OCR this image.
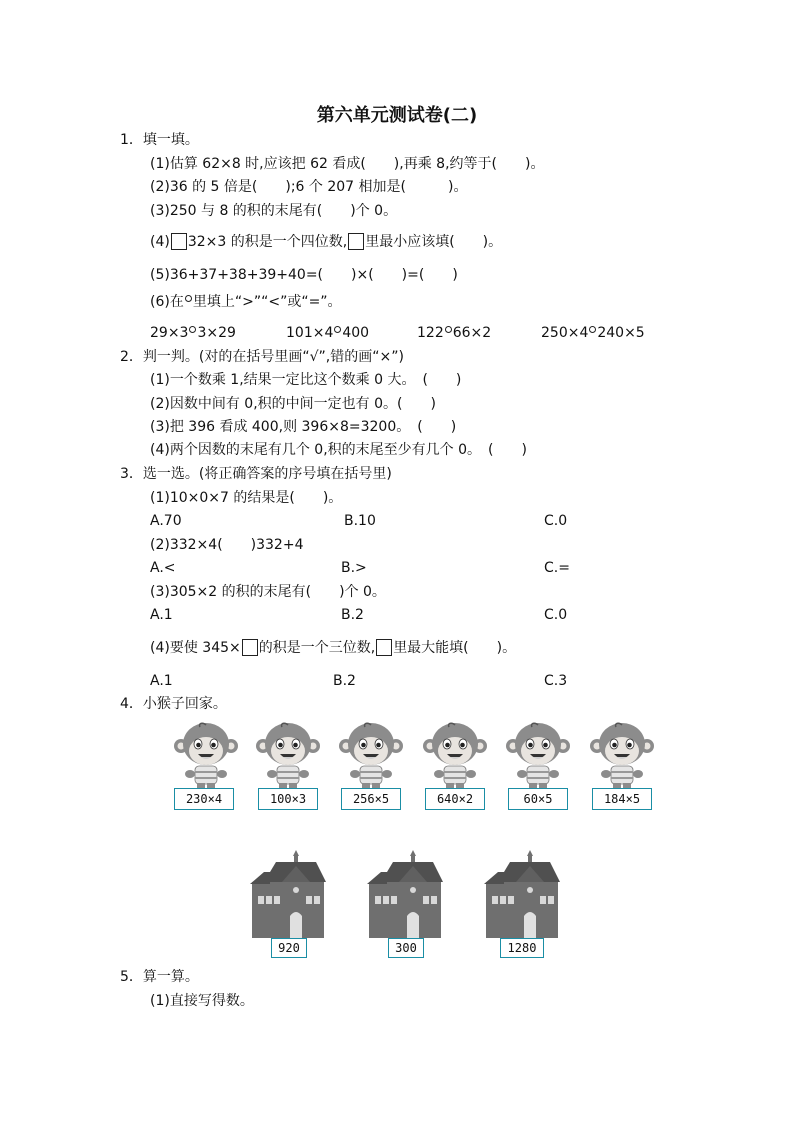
第六单元测试卷(二)
1．填一填。
(1)估算 62×8 时,应该把 62 看成(　　),再乘 8,约等于(　　)。
(2)36 的 5 倍是(　　);6 个 207 相加是(　　　)。
(3)250 与 8 的积的末尾有(　　)个 0。
(4) 32×3 的积是一个四位数, 里最小应该填(　　)。
(5)36+37+38+39+40=(　　)×(　　)=(　　)
(6)在 里填上“>”“<”或“=”。
29×3 3×29	101×4 400	122 66×2	250×4 240×5
2．判一判。(对的在括号里画“√”,错的画“×”)
(1)一个数乘 1,结果一定比这个数乘 0 大。　(　　)
(2)因数中间有 0,积的中间一定也有 0。(　　)
(3)把 396 看成 400,则 396×8=3200。　(　　)
(4)两个因数的末尾有几个 0,积的末尾至少有几个 0。　(　　)
3．选一选。(将正确答案的序号填在括号里)
(1)10×0×7 的结果是(　　)。
A.70	B.10	C.0
(2)332×4(　　)332+4
A.<	B.>	C.=
(3)305×2 的积的末尾有(　　)个 0。
A.1	B.2	C.0
(4)要使 345× 的积是一个三位数, 里最大能填(　　)。
A.1	B.2	C.3
4．小猴子回家。
230×4	100×3	256×5	640×2	60×5	184×5
920	300	1280
5．算一算。
(1)直接写得数。
